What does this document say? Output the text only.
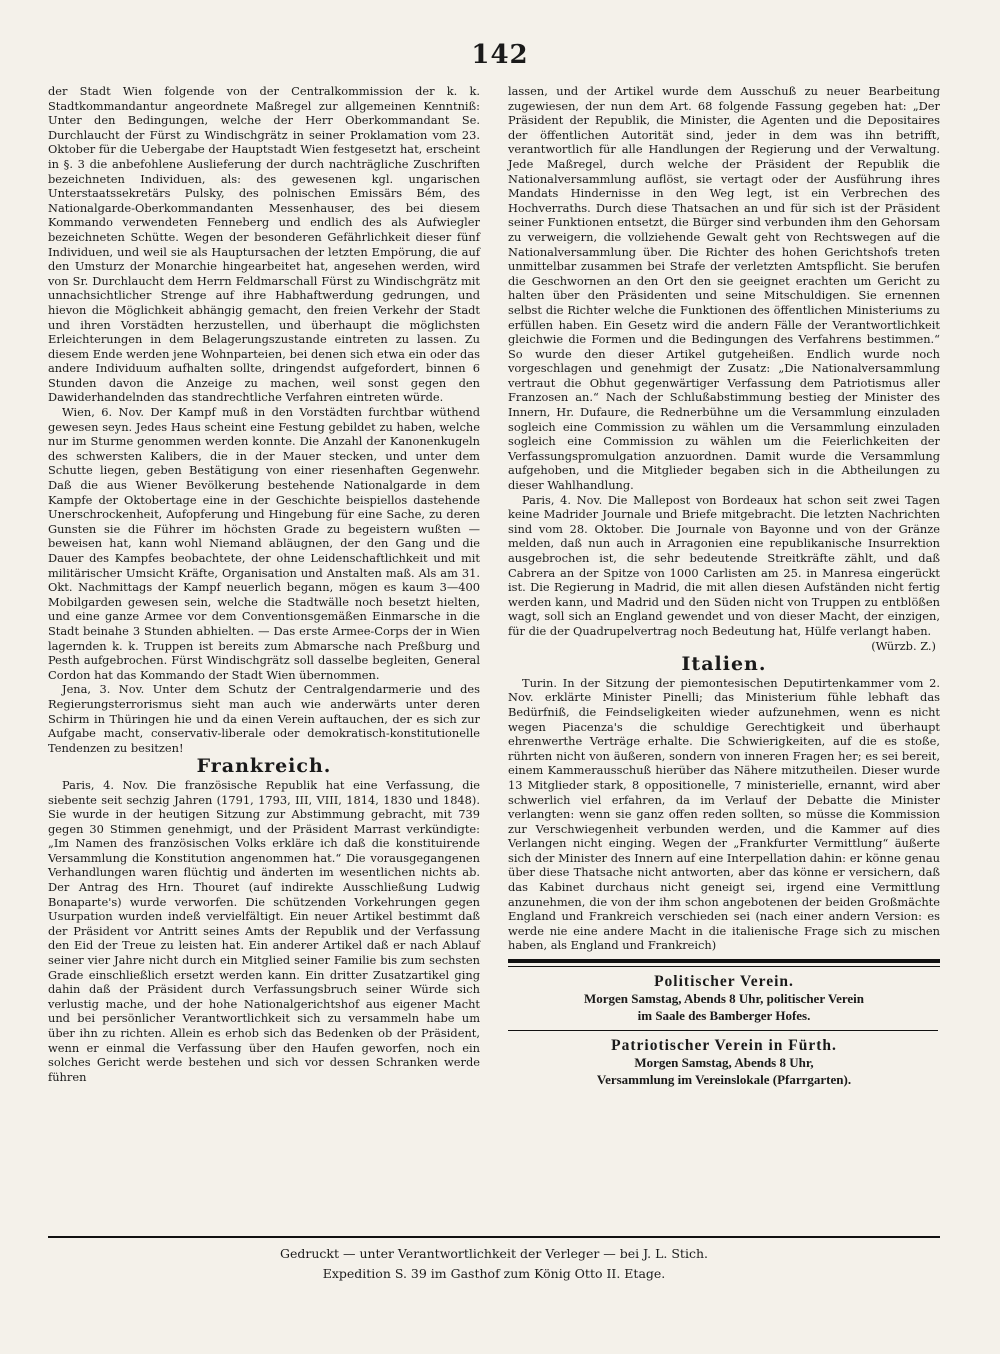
142

der Stadt Wien folgende von der Centralkommission der k. k. Stadtkommandantur angeordnete Maßregel zur allgemeinen Kenntniß: Unter den Bedingungen, welche der Herr Oberkommandant Se. Durchlaucht der Fürst zu Windischgrätz in seiner Proklamation vom 23. Oktober für die Uebergabe der Hauptstadt Wien festgesetzt hat, erscheint in §. 3 die anbefohlene Auslieferung der durch nachträgliche Zuschriften bezeichneten Individuen, als: des gewesenen kgl. ungarischen Unterstaatssekretärs Pulsky, des polnischen Emissärs Bém, des Nationalgarde-Oberkommandanten Messenhauser, des bei diesem Kommando verwendeten Fenneberg und endlich des als Aufwiegler bezeichneten Schütte. Wegen der besonderen Gefährlichkeit dieser fünf Individuen, und weil sie als Hauptursachen der letzten Empörung, die auf den Umsturz der Monarchie hingearbeitet hat, angesehen werden, wird von Sr. Durchlaucht dem Herrn Feldmarschall Fürst zu Windischgrätz mit unnachsichtlicher Strenge auf ihre Habhaftwerdung gedrungen, und hievon die Möglichkeit abhängig gemacht, den freien Verkehr der Stadt und ihren Vorstädten herzustellen, und überhaupt die möglichsten Erleichterungen in dem Belagerungszustande eintreten zu lassen. Zu diesem Ende werden jene Wohnparteien, bei denen sich etwa ein oder das andere Individuum aufhalten sollte, dringendst aufgefordert, binnen 6 Stunden davon die Anzeige zu machen, weil sonst gegen den Dawiderhandelnden das standrechtliche Verfahren eintreten würde.

Wien, 6. Nov. Der Kampf muß in den Vorstädten furchtbar wüthend gewesen seyn. Jedes Haus scheint eine Festung gebildet zu haben, welche nur im Sturme genommen werden konnte. Die Anzahl der Kanonenkugeln des schwersten Kalibers, die in der Mauer stecken, und unter dem Schutte liegen, geben Bestätigung von einer riesenhaften Gegenwehr. Daß die aus Wiener Bevölkerung bestehende Nationalgarde in dem Kampfe der Oktobertage eine in der Geschichte beispiellos dastehende Unerschrockenheit, Aufopferung und Hingebung für eine Sache, zu deren Gunsten sie die Führer im höchsten Grade zu begeistern wußten — beweisen hat, kann wohl Niemand abläugnen, der den Gang und die Dauer des Kampfes beobachtete, der ohne Leidenschaftlichkeit und mit militärischer Umsicht Kräfte, Organisation und Anstalten maß. Als am 31. Okt. Nachmittags der Kampf neuerlich begann, mögen es kaum 3—400 Mobilgarden gewesen sein, welche die Stadtwälle noch besetzt hielten, und eine ganze Armee vor dem Conventionsgemäßen Einmarsche in die Stadt beinahe 3 Stunden abhielten. — Das erste Armee-Corps der in Wien lagernden k. k. Truppen ist bereits zum Abmarsche nach Preßburg und Pesth aufgebrochen. Fürst Windischgrätz soll dasselbe begleiten, General Cordon hat das Kommando der Stadt Wien übernommen.

Jena, 3. Nov. Unter dem Schutz der Centralgendarmerie und des Regierungsterrorismus sieht man auch wie anderwärts unter deren Schirm in Thüringen hie und da einen Verein auftauchen, der es sich zur Aufgabe macht, conservativ-liberale oder demokratisch-konstitutionelle Tendenzen zu besitzen!

Frankreich.

Paris, 4. Nov. Die französische Republik hat eine Verfassung, die siebente seit sechzig Jahren (1791, 1793, III, VIII, 1814, 1830 und 1848). Sie wurde in der heutigen Sitzung zur Abstimmung gebracht, mit 739 gegen 30 Stimmen genehmigt, und der Präsident Marrast verkündigte: „Im Namen des französischen Volks erkläre ich daß die konstituirende Versammlung die Konstitution angenommen hat.“ Die vorausgegangenen Verhandlungen waren flüchtig und änderten im wesentlichen nichts ab. Der Antrag des Hrn. Thouret (auf indirekte Ausschließung Ludwig Bonaparte's) wurde verworfen. Die schützenden Vorkehrungen gegen Usurpation wurden indeß vervielfältigt. Ein neuer Artikel bestimmt daß der Präsident vor Antritt seines Amts der Republik und der Verfassung den Eid der Treue zu leisten hat. Ein anderer Artikel daß er nach Ablauf seiner vier Jahre nicht durch ein Mitglied seiner Familie bis zum sechsten Grade einschließlich ersetzt werden kann. Ein dritter Zusatzartikel ging dahin daß der Präsident durch Verfassungsbruch seiner Würde sich verlustig mache, und der hohe Nationalgerichtshof aus eigener Macht und bei persönlicher Verantwortlichkeit sich zu versammeln habe um über ihn zu richten. Allein es erhob sich das Bedenken ob der Präsident, wenn er einmal die Verfassung über den Haufen geworfen, noch ein solches Gericht werde bestehen und sich vor dessen Schranken werde führen

lassen, und der Artikel wurde dem Ausschuß zu neuer Bearbeitung zugewiesen, der nun dem Art. 68 folgende Fassung gegeben hat: „Der Präsident der Republik, die Minister, die Agenten und die Depositaires der öffentlichen Autorität sind, jeder in dem was ihn betrifft, verantwortlich für alle Handlungen der Regierung und der Verwaltung. Jede Maßregel, durch welche der Präsident der Republik die Nationalversammlung auflöst, sie vertagt oder der Ausführung ihres Mandats Hindernisse in den Weg legt, ist ein Verbrechen des Hochverraths. Durch diese Thatsachen an und für sich ist der Präsident seiner Funktionen entsetzt, die Bürger sind verbunden ihm den Gehorsam zu verweigern, die vollziehende Gewalt geht von Rechtswegen auf die Nationalversammlung über. Die Richter des hohen Gerichtshofs treten unmittelbar zusammen bei Strafe der verletzten Amtspflicht. Sie berufen die Geschwornen an den Ort den sie geeignet erachten um Gericht zu halten über den Präsidenten und seine Mitschuldigen. Sie ernennen selbst die Richter welche die Funktionen des öffentlichen Ministeriums zu erfüllen haben. Ein Gesetz wird die andern Fälle der Verantwortlichkeit gleichwie die Formen und die Bedingungen des Verfahrens bestimmen.“ So wurde den dieser Artikel gutgeheißen. Endlich wurde noch vorgeschlagen und genehmigt der Zusatz: „Die Nationalversammlung vertraut die Obhut gegenwärtiger Verfassung dem Patriotismus aller Franzosen an.“ Nach der Schlußabstimmung bestieg der Minister des Innern, Hr. Dufaure, die Rednerbühne um die Versammlung einzuladen sogleich eine Commission zu wählen um die Versammlung einzuladen sogleich eine Commission zu wählen um die Feierlichkeiten der Verfassungspromulgation anzuordnen. Damit wurde die Versammlung aufgehoben, und die Mitglieder begaben sich in die Abtheilungen zu dieser Wahlhandlung.

Paris, 4. Nov. Die Mallepost von Bordeaux hat schon seit zwei Tagen keine Madrider Journale und Briefe mitgebracht. Die letzten Nachrichten sind vom 28. Oktober. Die Journale von Bayonne und von der Gränze melden, daß nun auch in Arragonien eine republikanische Insurrektion ausgebrochen ist, die sehr bedeutende Streitkräfte zählt, und daß Cabrera an der Spitze von 1000 Carlisten am 25. in Manresa eingerückt ist. Die Regierung in Madrid, die mit allen diesen Aufständen nicht fertig werden kann, und Madrid und den Süden nicht von Truppen zu entblößen wagt, soll sich an England gewendet und von dieser Macht, der einzigen, für die der Quadrupelvertrag noch Bedeutung hat, Hülfe verlangt haben.

(Würzb. Z.)
Italien.

Turin. In der Sitzung der piemontesischen Deputirtenkammer vom 2. Nov. erklärte Minister Pinelli; das Ministerium fühle lebhaft das Bedürfniß, die Feindseligkeiten wieder aufzunehmen, wenn es nicht wegen Piacenza's die schuldige Gerechtigkeit und überhaupt ehrenwerthe Verträge erhalte. Die Schwierigkeiten, auf die es stoße, rührten nicht von äußeren, sondern von inneren Fragen her; es sei bereit, einem Kammerausschuß hierüber das Nähere mitzutheilen. Dieser wurde 13 Mitglieder stark, 8 oppositionelle, 7 ministerielle, ernannt, wird aber schwerlich viel erfahren, da im Verlauf der Debatte die Minister verlangten: wenn sie ganz offen reden sollten, so müsse die Kommission zur Verschwiegenheit verbunden werden, und die Kammer auf dies Verlangen nicht einging. Wegen der „Frankfurter Vermittlung“ äußerte sich der Minister des Innern auf eine Interpellation dahin: er könne genau über diese Thatsache nicht antworten, aber das könne er versichern, daß das Kabinet durchaus nicht geneigt sei, irgend eine Vermittlung anzunehmen, die von der ihm schon angebotenen der beiden Großmächte England und Frankreich verschieden sei (nach einer andern Version: es werde nie eine andere Macht in die italienische Frage sich zu mischen haben, als England und Frankreich)

Politischer Verein.
Morgen Samstag, Abends 8 Uhr, politischer Verein
im Saale des Bamberger Hofes.
Patriotischer Verein in Fürth.
Morgen Samstag, Abends 8 Uhr,
Versammlung im Vereinslokale (Pfarrgarten).
Gedruckt — unter Verantwortlichkeit der Verleger — bei J. L. Stich.
Expedition S. 39 im Gasthof zum König Otto II. Etage.
